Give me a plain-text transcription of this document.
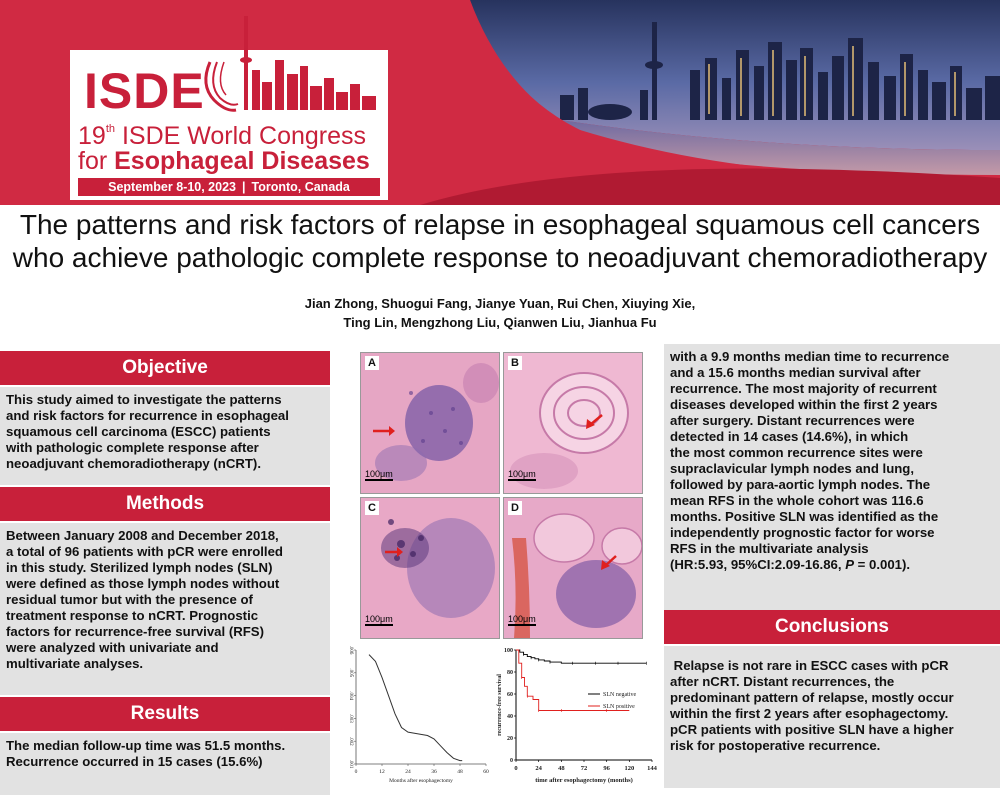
ISDE
19th ISDE World Congress
for Esophageal Diseases
September 8-10, 2023 | Toronto, Canada
The patterns and risk factors of relapse in esophageal squamous cell cancers
who achieve pathologic complete response to neoadjuvant chemoradiotherapy
Jian Zhong, Shuogui Fang, Jianye Yuan, Rui Chen, Xiuying Xie,
Ting Lin, Mengzhong Liu, Qianwen Liu, Jianhua Fu
Objective
This study aimed to investigate the patterns
and risk factors for recurrence in esophageal
squamous cell carcinoma (ESCC) patients
with pathologic complete response after
neoadjuvant chemoradiotherapy (nCRT).
Methods
Between January 2008 and December 2018,
a total of 96 patients with pCR were enrolled
in this study. Sterilized lymph nodes (SLN)
were defined as those lymph nodes without
residual tumor but with the presence of
treatment response to nCRT. Prognostic
factors for recurrence-free survival (RFS)
were analyzed with univariate and
multivariate analyses.
Results
The median follow-up time was 51.5 months.
Recurrence occurred in 15 cases (15.6%)
A
100μm
B
100μm
C
100μm
D
100μm
.001
.002
.003
.004
.005
.006
0	12	24	36	48	60
Months after esophagectomy
0
20
40
60
80
100
0	24 48 72 96 120 144
time after esophagectomy (months)
recurrence-free survival	SLN negative
SLN positive
with a 9.9 months median time to recurrence
and a 15.6 months median survival after
recurrence. The most majority of recurrent
diseases developed within the first 2 years
after surgery. Distant recurrences were
detected in 14 cases (14.6%), in which
the most common recurrence sites were
supraclavicular lymph nodes and lung,
followed by para-aortic lymph nodes. The
mean RFS in the whole cohort was 116.6
months. Positive SLN was identified as the
independently prognostic factor for worse
RFS in the multivariate analysis
(HR:5.93, 95%CI:2.09-16.86, P = 0.001).
Conclusions
Relapse is not rare in ESCC cases with pCR
after nCRT. Distant recurrences, the
predominant pattern of relapse, mostly occur
within the first 2 years after esophagectomy.
pCR patients with positive SLN have a higher
risk for postoperative recurrence.
